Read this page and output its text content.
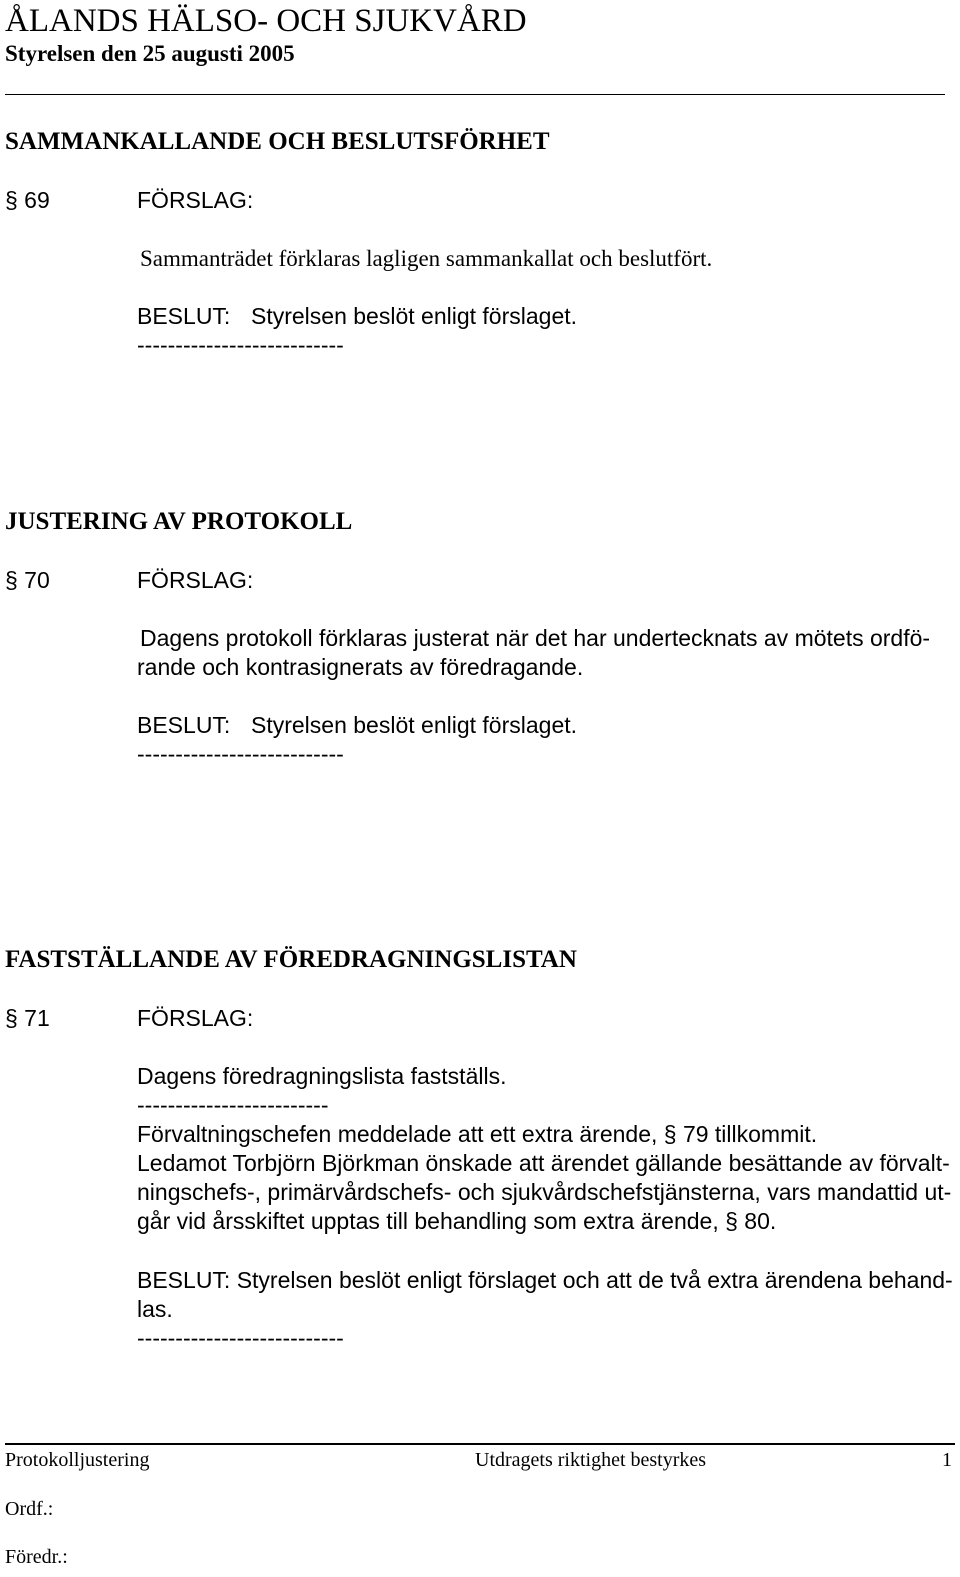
ÅLANDS HÄLSO- OCH SJUKVÅRD
Styrelsen den 25 augusti 2005
SAMMANKALLANDE OCH BESLUTSFÖRHET
§ 69	FÖRSLAG:
Sammanträdet förklaras lagligen sammankallat och beslutfört.
BESLUT: Styrelsen beslöt enligt förslaget.
---------------------------
JUSTERING AV PROTOKOLL
§ 70	FÖRSLAG:
Dagens protokoll förklaras justerat när det har undertecknats av mötets ordfö-
rande och kontrasignerats av föredragande.
BESLUT: Styrelsen beslöt enligt förslaget.
---------------------------
FASTSTÄLLANDE AV FÖREDRAGNINGSLISTAN
§ 71	FÖRSLAG:
Dagens föredragningslista fastställs.
-------------------------
Förvaltningschefen meddelade att ett extra ärende, § 79 tillkommit.
Ledamot Torbjörn Björkman önskade att ärendet gällande besättande av förvalt-
ningschefs-, primärvårdschefs- och sjukvårdschefstjänsterna, vars mandattid ut-
går vid årsskiftet upptas till behandling som extra ärende, § 80.
BESLUT: Styrelsen beslöt enligt förslaget och att de två extra ärendena behand-
las.
---------------------------
Protokolljustering	Utdragets riktighet bestyrkes	1
Ordf.:
Föredr.:
